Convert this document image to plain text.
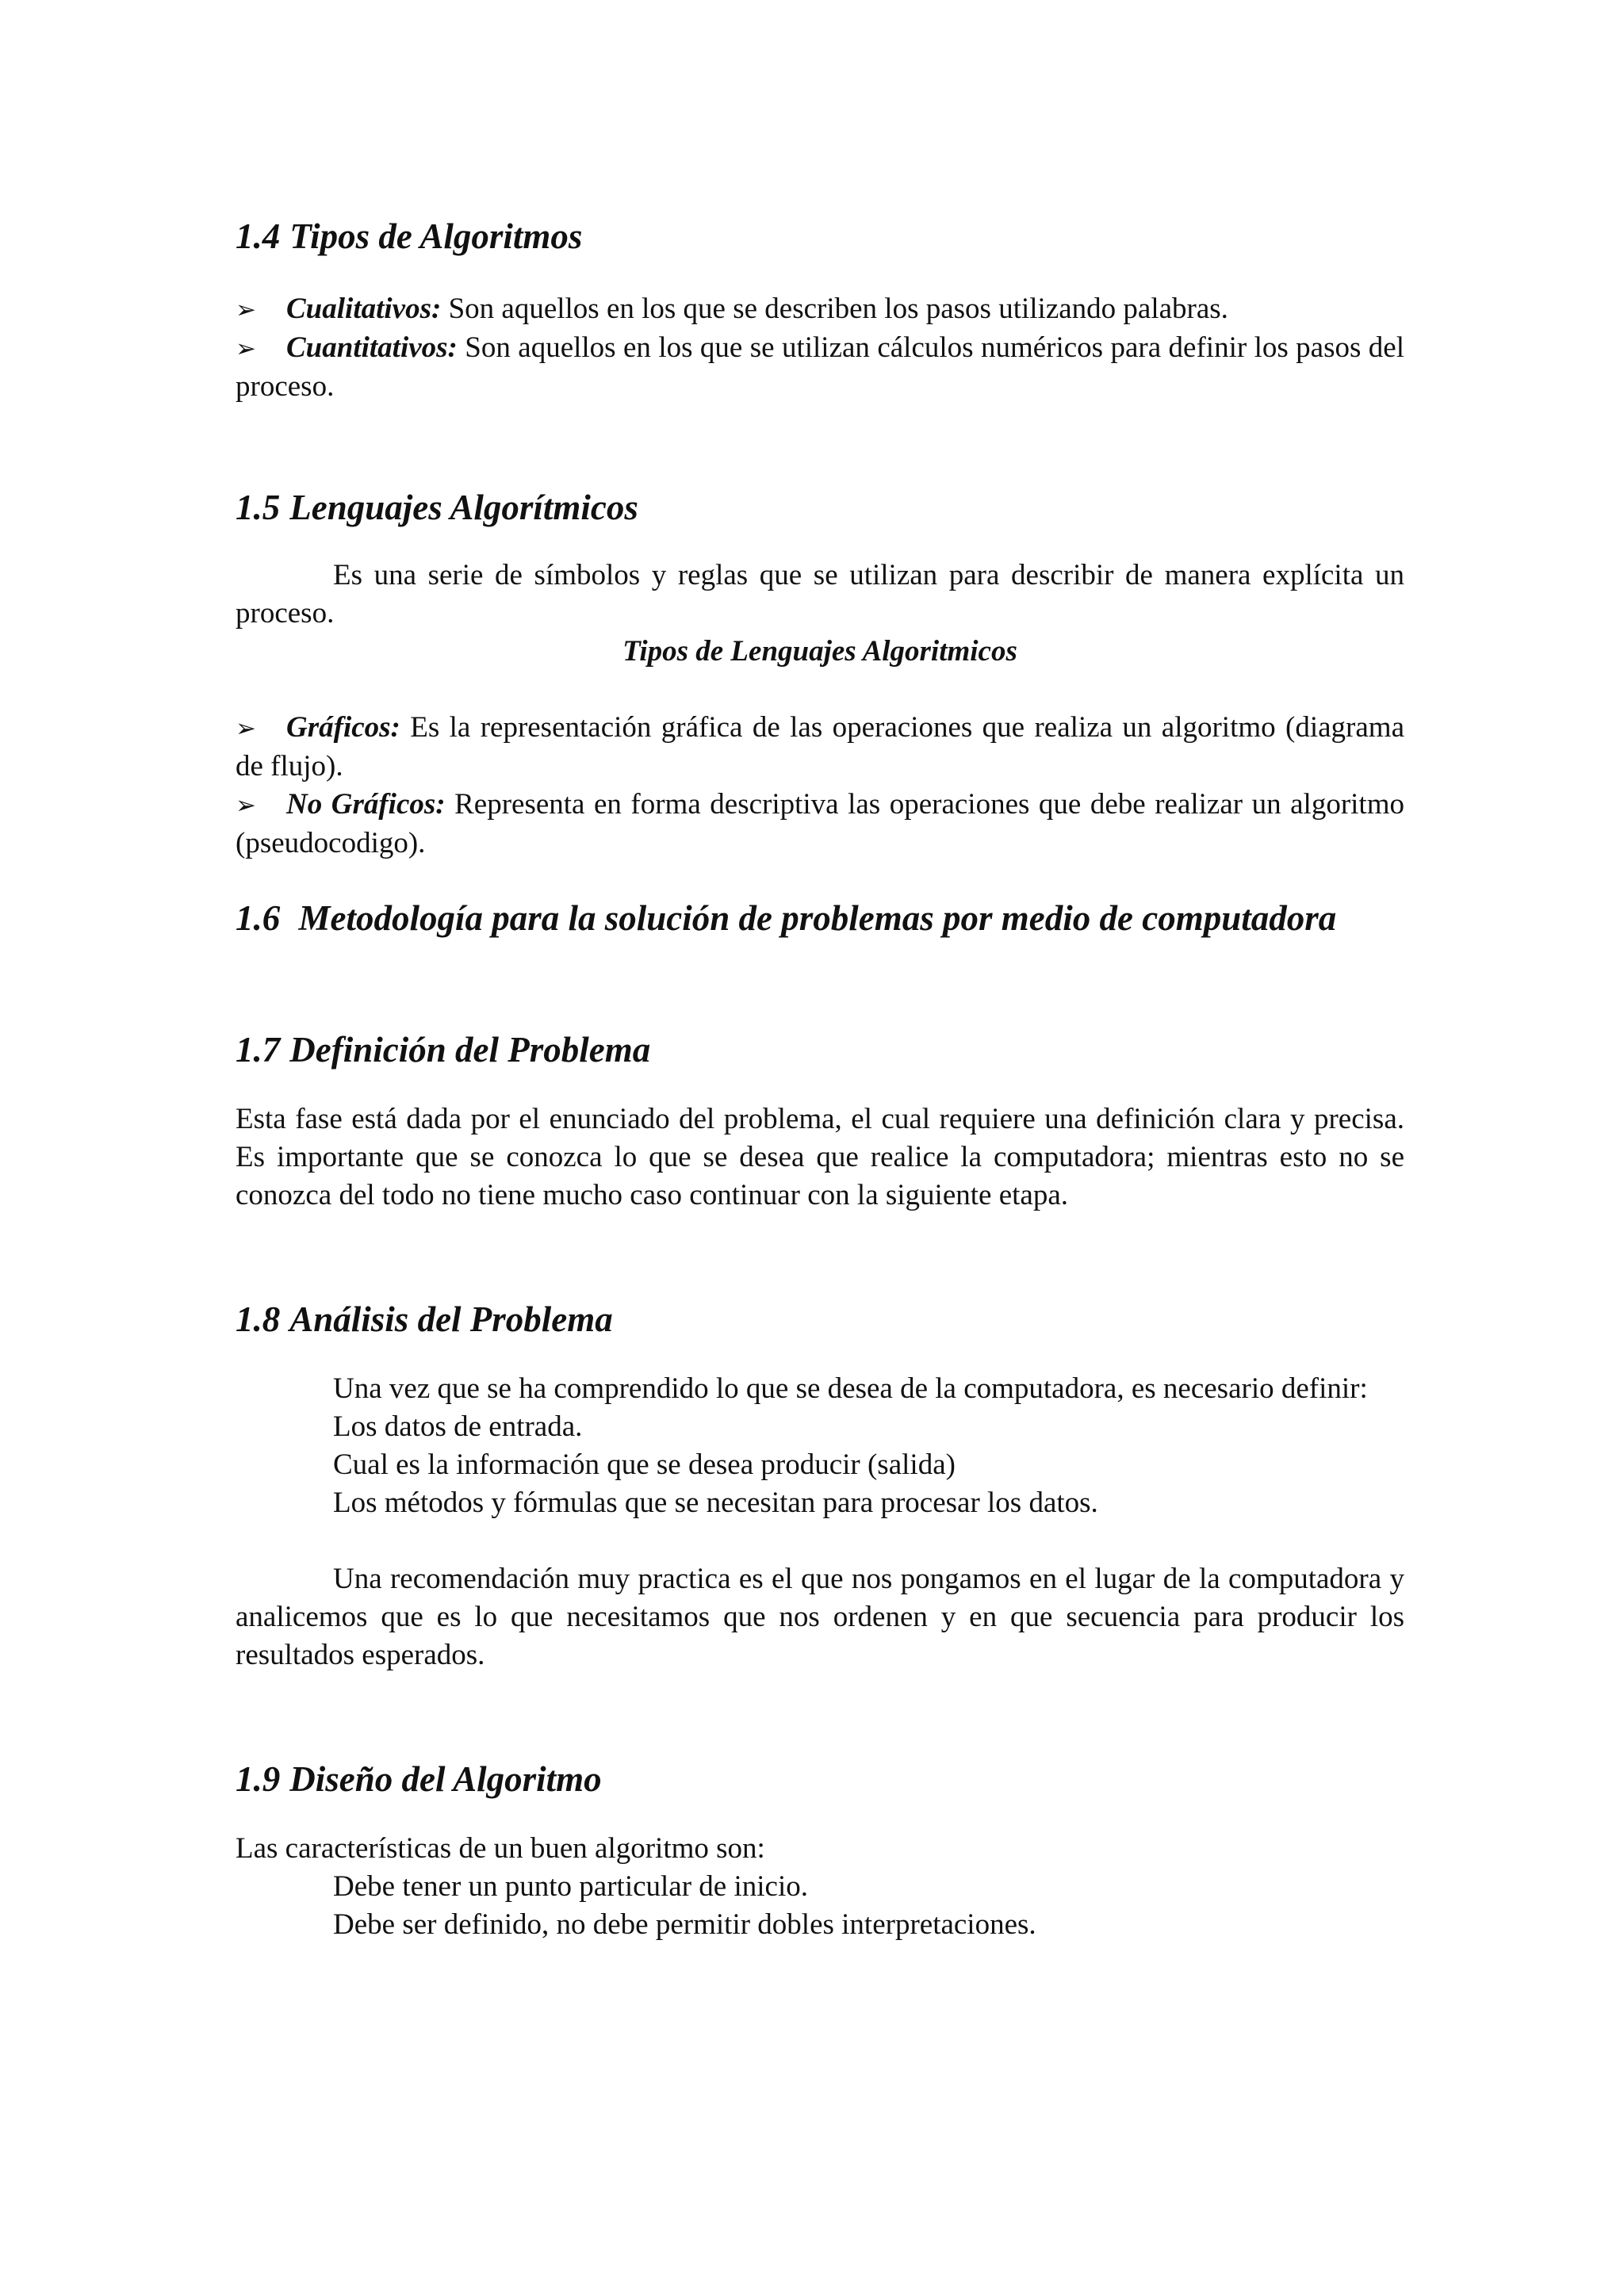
1.4 Tipos de Algoritmos
➢ Cualitativos: Son aquellos en los que se describen los pasos utilizando palabras.
➢ Cuantitativos: Son aquellos en los que se utilizan cálculos numéricos para definir los pasos del proceso.
1.5 Lenguajes Algorítmicos

Es una serie de símbolos y reglas que se utilizan para describir de manera explícita un proceso.

Tipos de Lenguajes Algoritmicos
➢ Gráficos: Es la representación gráfica de las operaciones que realiza un algoritmo (diagrama de flujo).
➢ No Gráficos: Representa en forma descriptiva las operaciones que debe realizar un algoritmo (pseudocodigo).
1.6 Metodología para la solución de problemas por medio de computadora
1.7 Definición del Problema

Esta fase está dada por el enunciado del problema, el cual requiere una definición clara y precisa. Es importante que se conozca lo que se desea que realice la computadora; mientras esto no se conozca del todo no tiene mucho caso continuar con la siguiente etapa.

1.8 Análisis del Problema

Una vez que se ha comprendido lo que se desea de la computadora, es necesario definir:

Los datos de entrada.
Cual es la información que se desea producir (salida)
Los métodos y fórmulas que se necesitan para procesar los datos.

Una recomendación muy practica es el que nos pongamos en el lugar de la computadora y analicemos que es lo que necesitamos que nos ordenen y en que secuencia para producir los resultados esperados.

1.9 Diseño del Algoritmo

Las características de un buen algoritmo son:

Debe tener un punto particular de inicio.
Debe ser definido, no debe permitir dobles interpretaciones.
